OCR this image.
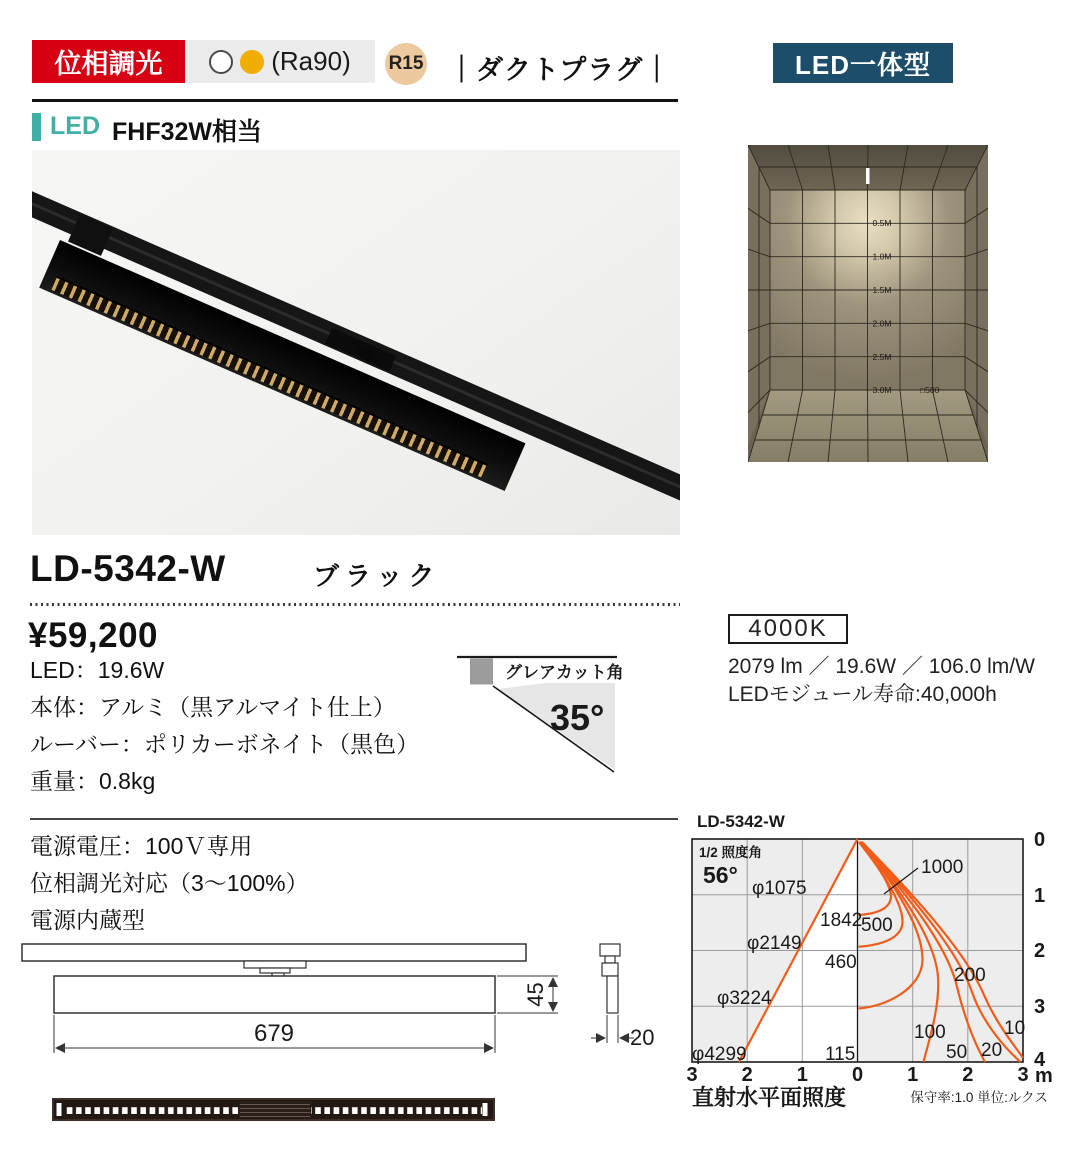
位相調光	(Ra90) R15 ｜ダクトプラグ｜	LED一体型
LED FHF32W相当
0.5M
1.0M
1.5M
2.0M
2.5M
3.0M	□500
LD-5342-W	ブラック
¥59,200	4000K
2079 lm ／ 19.6W ／ 106.0 lm/W
LEDモジュール寿命:40,000h
LED：19.6W
本体：アルミ（黒アルマイト仕上）
ルーバー：ポリカーボネイト（黒色）
重量：0.8kg
電源電圧：100Ｖ専用
位相調光対応（3～100%）
電源内蔵型
グレアカット角
35°
45
679	20
LD-5342-W
1/2 照度角
56°
φ1075
φ2149
φ3224
φ4299
1842
460
115
1000
500
200
100
50 20
10
3 2 1 0 1 2 3 m
0
1
2
3
4
直射水平面照度	保守率:1.0 単位:ルクス
